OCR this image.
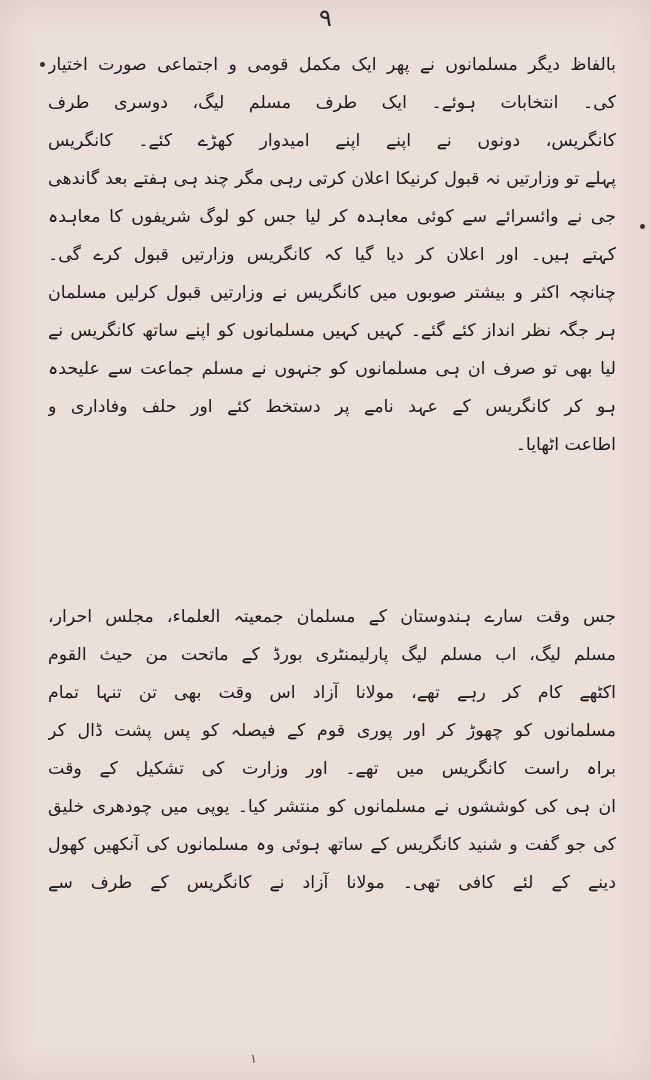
۹
بالفاظ دیگر مسلمانوں نے پھر ایک مکمل قومی و اجتماعی صورت اختیار
کی۔ انتخابات ہوئے۔ ایک طرف مسلم لیگ، دوسری طرف
کانگریس، دونوں نے اپنے اپنے امیدوار کھڑے کئے۔ کانگریس
پہلے تو وزارتیں نہ قبول کرنیکا اعلان کرتی رہی مگر چند ہی ہفتے بعد گاندھی
جی نے وائسرائے سے کوئی معاہدہ کر لیا جس کو لوگ شریفوں کا معاہدہ
کہتے ہیں۔ اور اعلان کر دیا گیا کہ کانگریس وزارتیں قبول کرے گی۔
چنانچہ اکثر و بیشتر صوبوں میں کانگریس نے وزارتیں قبول کرلیں مسلمان
ہر جگہ نظر انداز کئے گئے۔ کہیں کہیں مسلمانوں کو اپنے ساتھ کانگریس نے
لیا بھی تو صرف ان ہی مسلمانوں کو جنہوں نے مسلم جماعت سے علیحدہ
ہو کر کانگریس کے عہد نامے پر دستخط کئے اور حلف وفاداری و
اطاعت اٹھایا۔
جس وقت سارے ہندوستان کے مسلمان جمعیتہ العلماء، مجلس احرار،
مسلم لیگ، اب مسلم لیگ پارلیمنٹری بورڈ کے ماتحت من حیث القوم
اکٹھے کام کر رہے تھے، مولانا آزاد اس وقت بھی تن تنہا تمام
مسلمانوں کو چھوڑ کر اور پوری قوم کے فیصلہ کو پس پشت ڈال کر
براہ راست کانگریس میں تھے۔ اور وزارت کی تشکیل کے وقت
ان ہی کی کوششوں نے مسلمانوں کو منتشر کیا۔ یوپی میں چودھری خلیق
کی جو گفت و شنید کانگریس کے ساتھ ہوئی وہ مسلمانوں کی آنکھیں کھول
دینے کے لئے کافی تھی۔ مولانا آزاد نے کانگریس کے طرف سے
۱
